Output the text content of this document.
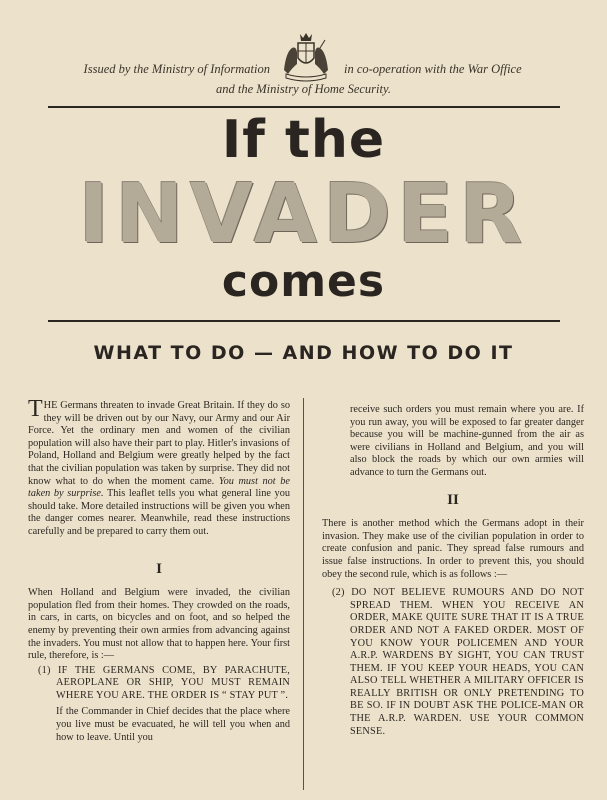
Issued by the Ministry of Information	in co-operation with the War Office
and the Ministry of Home Security.
If the
INVADER
comes
WHAT TO DO — AND HOW TO DO IT

THE Germans threaten to invade Great Britain. If they do so they will be driven out by our Navy, our Army and our Air Force. Yet the ordinary men and women of the civilian population will also have their part to play. Hitler's invasions of Poland, Holland and Belgium were greatly helped by the fact that the civilian population was taken by surprise. They did not know what to do when the moment came. You must not be taken by surprise. This leaflet tells you what general line you should take. More detailed instructions will be given you when the danger comes nearer. Meanwhile, read these instructions carefully and be prepared to carry them out.

I

When Holland and Belgium were invaded, the civilian population fled from their homes. They crowded on the roads, in cars, in carts, on bicycles and on foot, and so helped the enemy by preventing their own armies from advancing against the invaders. You must not allow that to happen here. Your first rule, therefore, is :—

(1) IF THE GERMANS COME, BY PARACHUTE, AEROPLANE OR SHIP, YOU MUST REMAIN WHERE YOU ARE. THE ORDER IS “ STAY PUT ”.

If the Commander in Chief decides that the place where you live must be evacuated, he will tell you when and how to leave. Until you

receive such orders you must remain where you are. If you run away, you will be exposed to far greater danger because you will be machine-gunned from the air as were civilians in Holland and Belgium, and you will also block the roads by which our own armies will advance to turn the Germans out.

II

There is another method which the Germans adopt in their invasion. They make use of the civilian population in order to create confusion and panic. They spread false rumours and issue false instructions. In order to prevent this, you should obey the second rule, which is as follows :—

(2) DO NOT BELIEVE RUMOURS AND DO NOT SPREAD THEM. WHEN YOU RECEIVE AN ORDER, MAKE QUITE SURE THAT IT IS A TRUE ORDER AND NOT A FAKED ORDER. MOST OF YOU KNOW YOUR POLICEMEN AND YOUR A.R.P. WARDENS BY SIGHT, YOU CAN TRUST THEM. IF YOU KEEP YOUR HEADS, YOU CAN ALSO TELL WHETHER A MILITARY OFFICER IS REALLY BRITISH OR ONLY PRETENDING TO BE SO. IF IN DOUBT ASK THE POLICE-MAN OR THE A.R.P. WARDEN. USE YOUR COMMON SENSE.
